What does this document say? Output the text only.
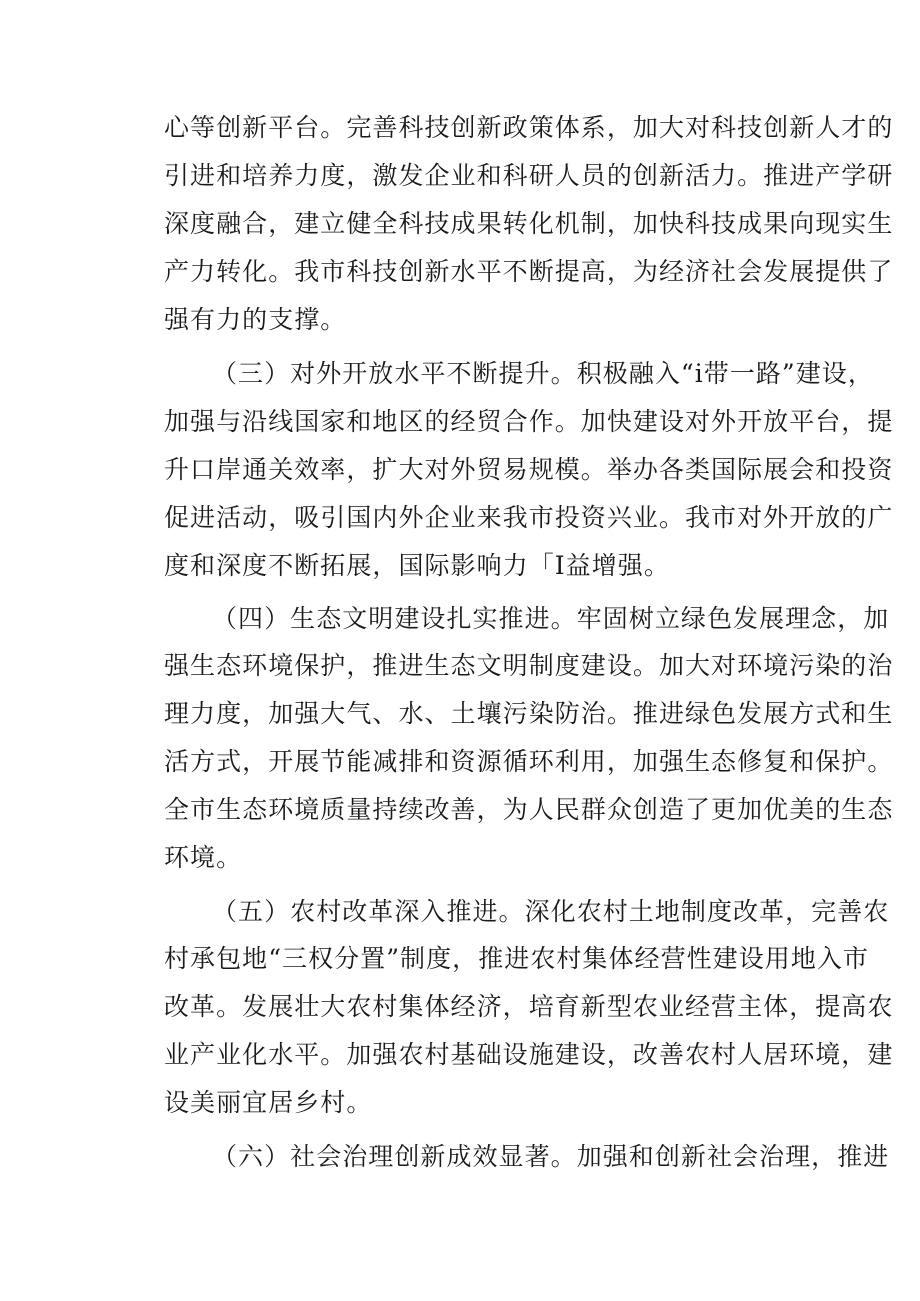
心等创新平台。完善科技创新政策体系，加大对科技创新人才的
引进和培养力度，激发企业和科研人员的创新活力。推进产学研
深度融合，建立健全科技成果转化机制，加快科技成果向现实生
产力转化。我市科技创新水平不断提高，为经济社会发展提供了
强有力的支撑。
（三）对外开放水平不断提升。积极融入“i带一路”建设，
加强与沿线国家和地区的经贸合作。加快建设对外开放平台，提
升口岸通关效率，扩大对外贸易规模。举办各类国际展会和投资
促进活动，吸引国内外企业来我市投资兴业。我市对外开放的广
度和深度不断拓展，国际影响力「I益增强。
（四）生态文明建设扎实推进。牢固树立绿色发展理念，加
强生态环境保护，推进生态文明制度建设。加大对环境污染的治
理力度，加强大气、水、土壤污染防治。推进绿色发展方式和生
活方式，开展节能减排和资源循环利用，加强生态修复和保护。
全市生态环境质量持续改善，为人民群众创造了更加优美的生态
环境。
（五）农村改革深入推进。深化农村土地制度改革，完善农
村承包地“三权分置”制度，推进农村集体经营性建设用地入市
改革。发展壮大农村集体经济，培育新型农业经营主体，提高农
业产业化水平。加强农村基础设施建设，改善农村人居环境，建
设美丽宜居乡村。
（六）社会治理创新成效显著。加强和创新社会治理，推进
